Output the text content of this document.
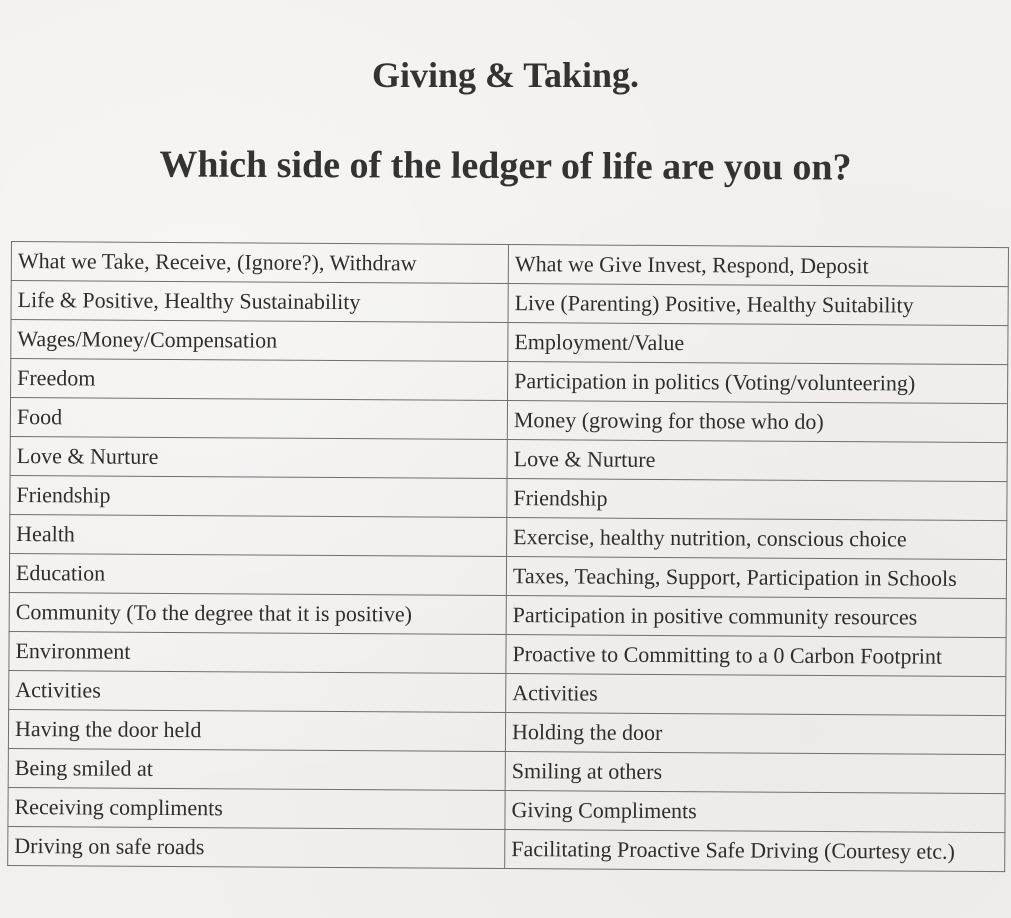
Giving & Taking.
Which side of the ledger of life are you on?
What we Take, Receive, (Ignore?), Withdraw	What we Give Invest, Respond, Deposit
Life & Positive, Healthy Sustainability	Live (Parenting) Positive, Healthy Suitability
Wages/Money/Compensation	Employment/Value
Freedom	Participation in politics (Voting/volunteering)
Food	Money (growing for those who do)
Love & Nurture	Love & Nurture
Friendship	Friendship
Health	Exercise, healthy nutrition, conscious choice
Education	Taxes, Teaching, Support, Participation in Schools
Community (To the degree that it is positive)	Participation in positive community resources
Environment	Proactive to Committing to a 0 Carbon Footprint
Activities	Activities
Having the door held	Holding the door
Being smiled at	Smiling at others
Receiving compliments	Giving Compliments
Driving on safe roads	Facilitating Proactive Safe Driving (Courtesy etc.)
